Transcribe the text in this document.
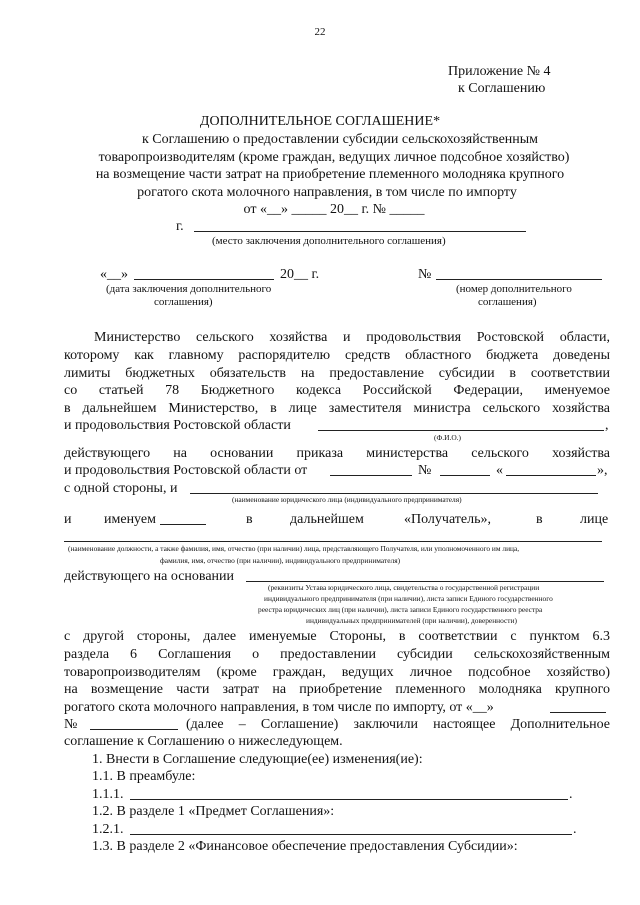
22
Приложение № 4
к Соглашению
ДОПОЛНИТЕЛЬНОЕ СОГЛАШЕНИЕ*
к Соглашению о предоставлении субсидии сельскохозяйственным
товаропроизводителям (кроме граждан, ведущих личное подсобное хозяйство)
на возмещение части затрат на приобретение племенного молодняка крупного
рогатого скота молочного направления, в том числе по импорту
от «__» _____ 20__ г. № _____
г.
(место заключения дополнительного соглашения)
«__»	20__ г.
(дата заключения дополнительного
соглашения)
№
(номер дополнительного
соглашения)
Министерство сельского хозяйства и продовольствия Ростовской области,
которому как главному распорядителю средств областного бюджета доведены
лимиты бюджетных обязательств на предоставление субсидии в соответствии
со статьей 78 Бюджетного кодекса Российской Федерации, именуемое
в дальнейшем Министерство, в лице заместителя министра сельского хозяйства
и продовольствия Ростовской области	,
(Ф.И.О.)
действующего на основании приказа министерства сельского хозяйства
и продовольствия Ростовской области от	№	«	»,
с одной стороны, и
(наименование юридического лица (индивидуального предпринимателя)
и именуем	в	дальнейшем	«Получатель»,	в	лице
(наименование должности, а также фамилия, имя, отчество (при наличии) лица, представляющего Получателя, или уполномоченного им лица,
фамилия, имя, отчество (при наличии), индивидуального предпринимателя)
действующего на основании
(реквизиты Устава юридического лица, свидетельства о государственной регистрации
индивидуального предпринимателя (при наличии), листа записи Единого государственного
реестра юридических лиц (при наличии), листа записи Единого государственного реестра
индивидуальных предпринимателей (при наличии), доверенности)
с другой стороны, далее именуемые Стороны, в соответствии с пунктом 6.3
раздела 6 Соглашения о предоставлении субсидии сельскохозяйственным
товаропроизводителям (кроме граждан, ведущих личное подсобное хозяйство)
на возмещение части затрат на приобретение племенного молодняка крупного
рогатого скота молочного направления, в том числе по импорту, от «__»
№	(далее – Соглашение) заключили настоящее Дополнительное
соглашение к Соглашению о нижеследующем.
1. Внести в Соглашение следующие(ее) изменения(ие):
1.1. В преамбуле:
1.1.1.	.
1.2. В разделе 1 «Предмет Соглашения»:
1.2.1.	.
1.3. В разделе 2 «Финансовое обеспечение предоставления Субсидии»:
